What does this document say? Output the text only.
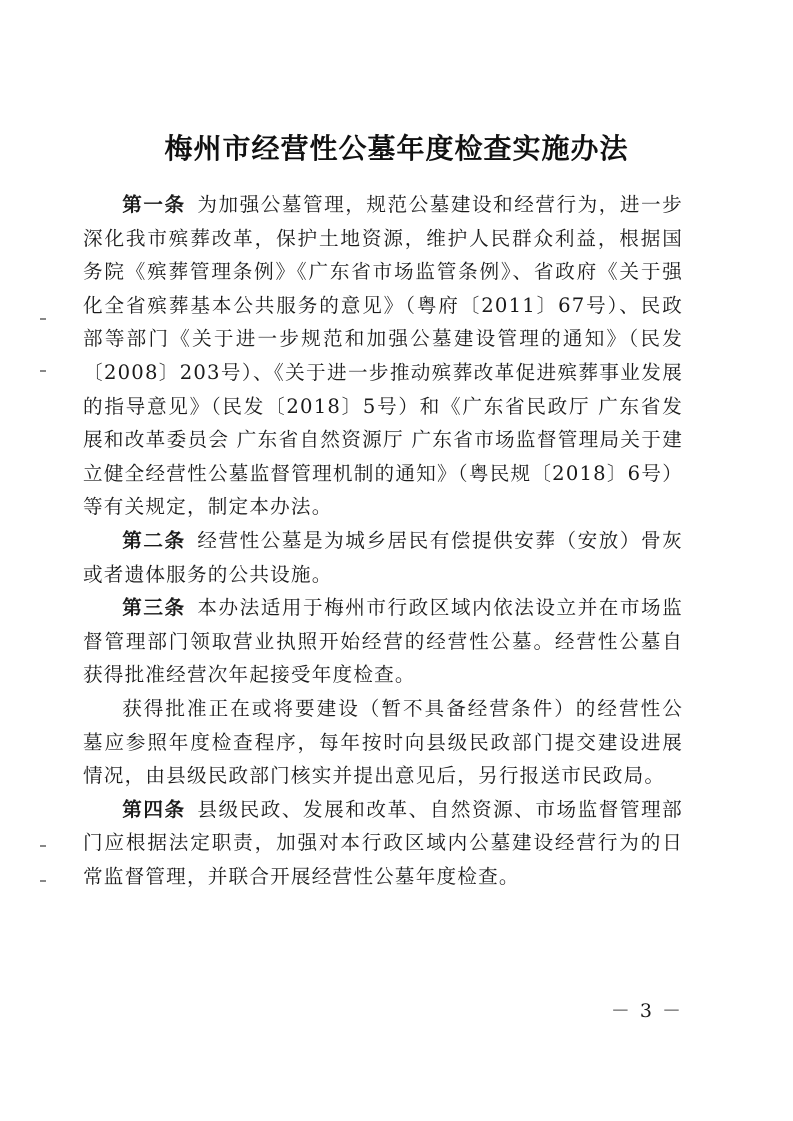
梅州市经营性公墓年度检查实施办法

第一条 为加强公墓管理，规范公墓建设和经营行为，进一步深化我市殡葬改革，保护土地资源，维护人民群众利益，根据国务院《殡葬管理条例》《广东省市场监管条例》、省政府《关于强化全省殡葬基本公共服务的意见》（粤府〔2011〕67号）、民政部等部门《关于进一步规范和加强公墓建设管理的通知》（民发〔2008〕203号）、《关于进一步推动殡葬改革促进殡葬事业发展的指导意见》（民发〔2018〕5号）和《广东省民政厅 广东省发展和改革委员会 广东省自然资源厅 广东省市场监督管理局关于建立健全经营性公墓监督管理机制的通知》（粤民规〔2018〕6号）等有关规定，制定本办法。

第二条 经营性公墓是为城乡居民有偿提供安葬（安放）骨灰或者遗体服务的公共设施。

第三条 本办法适用于梅州市行政区域内依法设立并在市场监督管理部门领取营业执照开始经营的经营性公墓。经营性公墓自获得批准经营次年起接受年度检查。

获得批准正在或将要建设（暂不具备经营条件）的经营性公墓应参照年度检查程序，每年按时向县级民政部门提交建设进展情况，由县级民政部门核实并提出意见后，另行报送市民政局。

第四条 县级民政、发展和改革、自然资源、市场监督管理部门应根据法定职责，加强对本行政区域内公墓建设经营行为的日常监督管理，并联合开展经营性公墓年度检查。

－ 3 －
